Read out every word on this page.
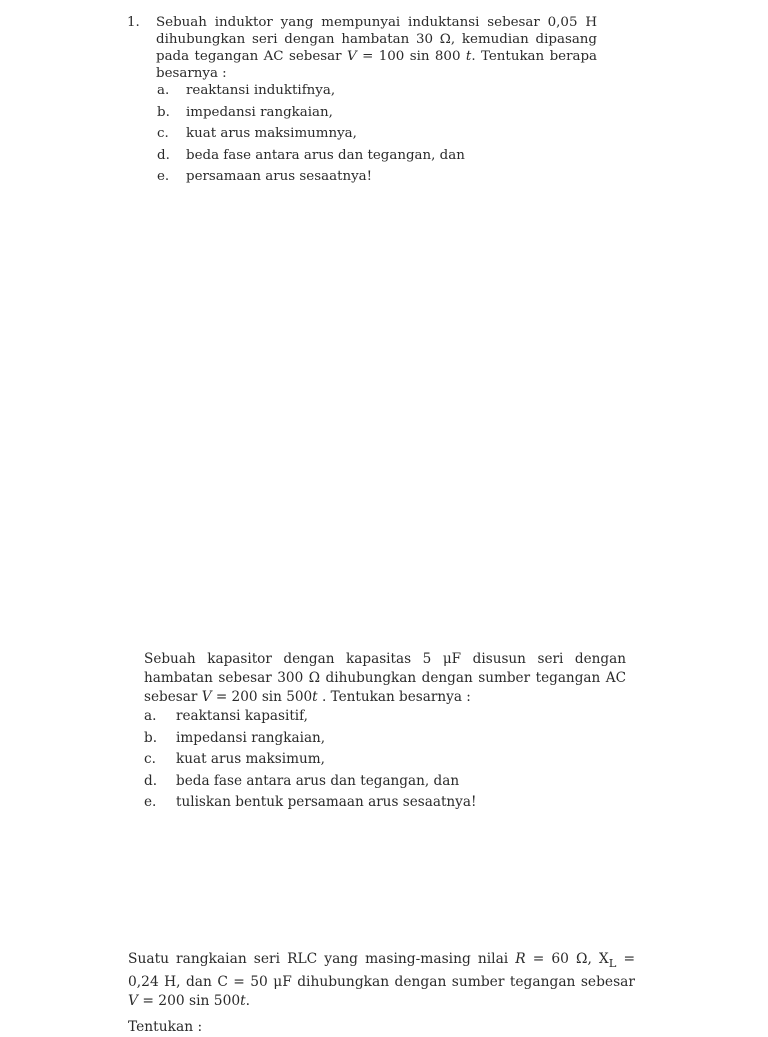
1. Sebuah induktor yang mempunyai induktansi sebesar 0,05 H dihubungkan seri dengan hambatan 30 Ω, kemudian dipasang pada tegangan AC sebesar V = 100 sin 800 t. Tentukan berapa besarnya :
a. reaktansi induktifnya,
b. impedansi rangkaian,
c. kuat arus maksimumnya,
d. beda fase antara arus dan tegangan, dan
e. persamaan arus sesaatnya!
Sebuah kapasitor dengan kapasitas 5 μF disusun seri dengan hambatan sebesar 300 Ω dihubungkan dengan sumber tegangan AC sebesar V = 200 sin 500t . Tentukan besarnya :
a. reaktansi kapasitif,
b. impedansi rangkaian,
c. kuat arus maksimum,
d. beda fase antara arus dan tegangan, dan
e. tuliskan bentuk persamaan arus sesaatnya!
Suatu rangkaian seri RLC yang masing-masing nilai R = 60 Ω, $X_L = 0,24$ H, dan C = 50 μF dihubungkan dengan sumber tegangan sebesar
V = 200 sin 500t.
Tentukan :
